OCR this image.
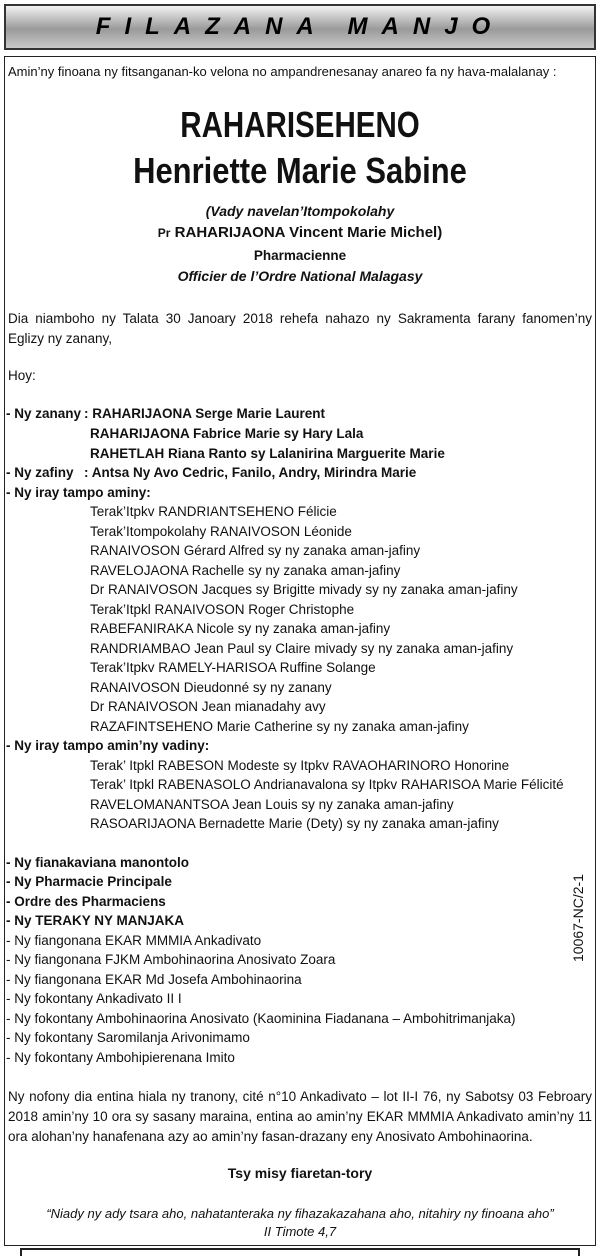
FILAZANA MANJO
Amin’ny finoana ny fitsanganan-ko velona no ampandrenesanay anareo fa ny hava-malalanay :
RAHARISEHENO
Henriette Marie Sabine
(Vady navelan’Itompokolahy
Pr RAHARIJAONA Vincent Marie Michel)
Pharmacienne
Officier de l’Ordre National Malagasy
Dia niamboho ny Talata 30 Janoary 2018 rehefa nahazo ny Sakramenta farany fanomen’ny Eglizy ny zanany,
Hoy:
- Ny zanany : RAHARIJAONA Serge Marie Laurent
RAHARIJAONA Fabrice Marie sy Hary Lala
RAHETLAH Riana Ranto sy Lalanirina Marguerite Marie
- Ny zafiny : Antsa Ny Avo Cedric, Fanilo, Andry, Mirindra Marie
- Ny iray tampo aminy:
Terak’Itpkv RANDRIANTSEHENO Félicie
Terak’Itompokolahy RANAIVOSON Léonide
RANAIVOSON Gérard Alfred sy ny zanaka aman-jafiny
RAVELOJAONA Rachelle sy ny zanaka aman-jafiny
Dr RANAIVOSON Jacques sy Brigitte mivady sy ny zanaka aman-jafiny
Terak’Itpkl RANAIVOSON Roger Christophe
RABEFANIRAKA Nicole sy ny zanaka aman-jafiny
RANDRIAMBAO Jean Paul sy Claire mivady sy ny zanaka aman-jafiny
Terak’Itpkv RAMELY-HARISOA Ruffine Solange
RANAIVOSON Dieudonné sy ny zanany
Dr RANAIVOSON Jean mianadahy avy
RAZAFINTSEHENO Marie Catherine sy ny zanaka aman-jafiny
- Ny iray tampo amin’ny vadiny:
Terak’ Itpkl RABESON Modeste sy Itpkv RAVAOHARINORO Honorine
Terak’ Itpkl RABENASOLO Andrianavalona sy Itpkv RAHARISOA Marie Félicité
RAVELOMANANTSOA Jean Louis sy ny zanaka aman-jafiny
RASOARIJAONA Bernadette Marie (Dety) sy ny zanaka aman-jafiny
- Ny fianakaviana manontolo
- Ny Pharmacie Principale
- Ordre des Pharmaciens
- Ny TERAKY NY MANJAKA
- Ny fiangonana EKAR MMMIA Ankadivato
- Ny fiangonana FJKM Ambohinaorina Anosivato Zoara
- Ny fiangonana EKAR Md Josefa Ambohinaorina
- Ny fokontany Ankadivato II I
- Ny fokontany Ambohinaorina Anosivato (Kaominina Fiadanana – Ambohitrimanjaka)
- Ny fokontany Saromilanja Arivonimamo
- Ny fokontany Ambohipierenana Imito
10067-NC/2-1
Ny nofony dia entina hiala ny tranony, cité n°10 Ankadivato – lot II-I 76, ny Sabotsy 03 Febroary 2018 amin’ny 10 ora sy sasany maraina, entina ao amin’ny EKAR MMMIA Ankadivato amin’ny 11 ora alohan’ny hanafenana azy ao amin’ny fasan-drazany eny Anosivato Ambohinaorina.
Tsy misy fiaretan-tory
“Niady ny ady tsara aho, nahatanteraka ny fihazakazahana aho, nitahiry ny finoana aho”
II Timote 4,7
